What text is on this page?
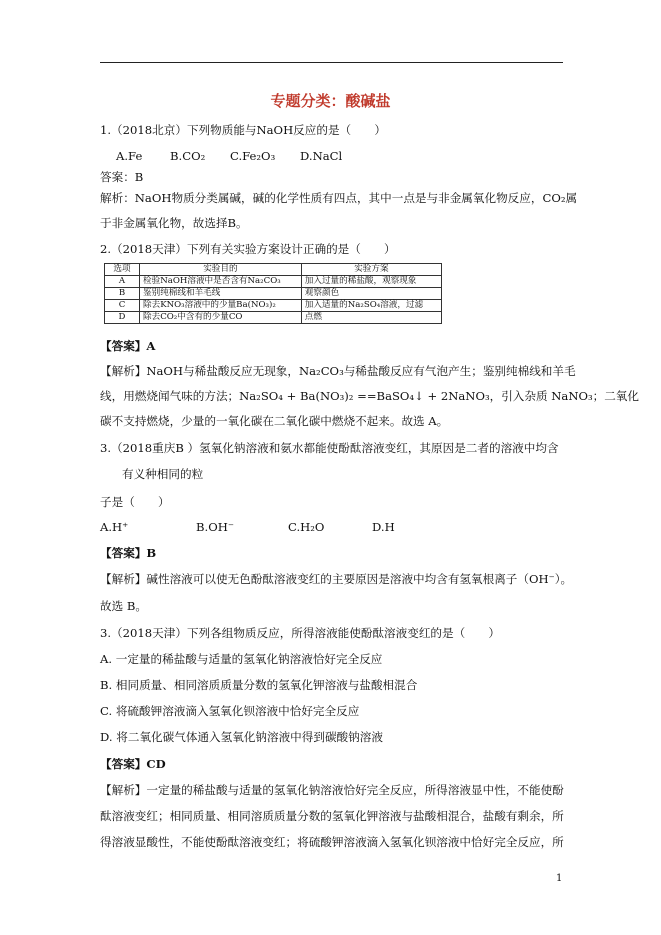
专题分类：酸碱盐
1.（2018北京）下列物质能与NaOH反应的是（　　）
A.Fe B.CO₂ C.Fe₂O₃ D.NaCl
答案：B
解析：NaOH物质分类属碱，碱的化学性质有四点，其中一点是与非金属氧化物反应，CO₂属
于非金属氧化物，故选择B。
2.（2018天津）下列有关实验方案设计正确的是（　　）
选项	实验目的	实验方案
A	检验NaOH溶液中是否含有Na₂CO₃	加入过量的稀盐酸，观察现象
B	鉴别纯棉线和羊毛线	观察颜色
C	除去KNO₃溶液中的少量Ba(NO₃)₂	加入适量的Na₂SO₄溶液，过滤
D	除去CO₂中含有的少量CO	点燃
【答案】A
【解析】NaOH与稀盐酸反应无现象，Na₂CO₃与稀盐酸反应有气泡产生；鉴别纯棉线和羊毛
线，用燃烧闻气味的方法；Na₂SO₄ + Ba(NO₃)₂ ==BaSO₄↓ + 2NaNO₃，引入杂质 NaNO₃；二氧化
碳不支持燃烧，少量的一氧化碳在二氧化碳中燃烧不起来。故选 A。
3.（2018重庆B ）氢氧化钠溶液和氨水都能使酚酞溶液变红，其原因是二者的溶液中均含
有义种相同的粒
子是（　　）
A.H⁺	B.OH⁻	C.H₂O	D.H
【答案】B
【解析】碱性溶液可以使无色酚酞溶液变红的主要原因是溶液中均含有氢氧根离子（OH⁻）。
故选 B。
3.（2018天津）下列各组物质反应，所得溶液能使酚酞溶液变红的是（　　）
A. 一定量的稀盐酸与适量的氢氧化钠溶液恰好完全反应
B. 相同质量、相同溶质质量分数的氢氧化钾溶液与盐酸相混合
C. 将硫酸钾溶液滴入氢氧化钡溶液中恰好完全反应
D. 将二氧化碳气体通入氢氧化钠溶液中得到碳酸钠溶液
【答案】CD
【解析】一定量的稀盐酸与适量的氢氧化钠溶液恰好完全反应，所得溶液显中性，不能使酚
酞溶液变红；相同质量、相同溶质质量分数的氢氧化钾溶液与盐酸相混合，盐酸有剩余，所
得溶液显酸性，不能使酚酞溶液变红；将硫酸钾溶液滴入氢氧化钡溶液中恰好完全反应，所
1
